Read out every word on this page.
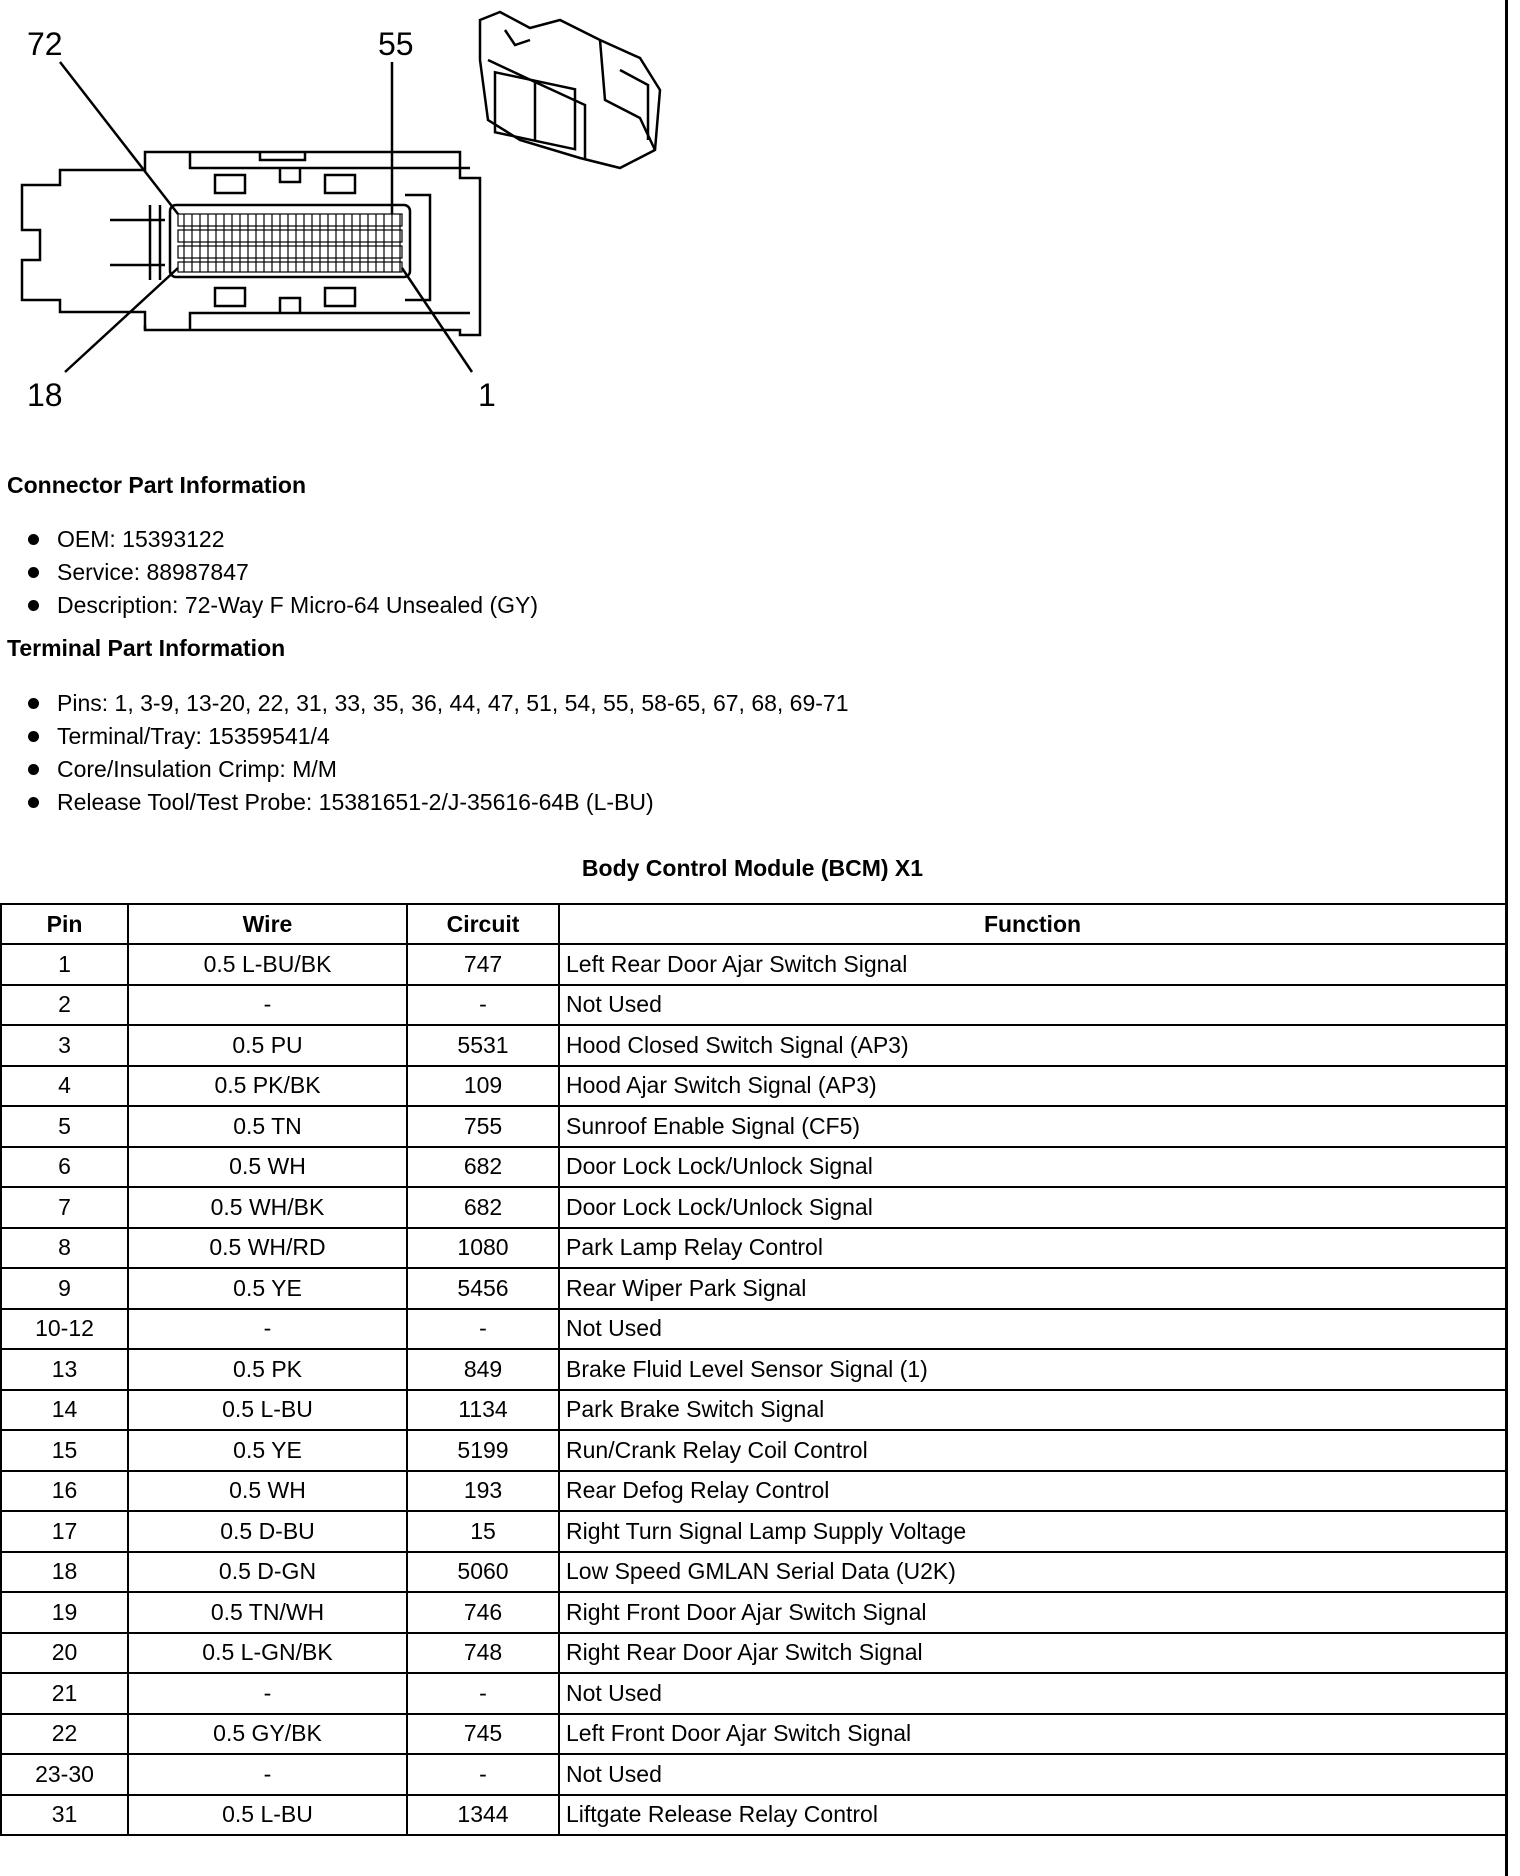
72	55
18	1
Connector Part Information
OEM: 15393122
Service: 88987847
Description: 72-Way F Micro-64 Unsealed (GY)
Terminal Part Information
Pins: 1, 3-9, 13-20, 22, 31, 33, 35, 36, 44, 47, 51, 54, 55, 58-65, 67, 68, 69-71
Terminal/Tray: 15359541/4
Core/Insulation Crimp: M/M
Release Tool/Test Probe: 15381651-2/J-35616-64B (L-BU)
Body Control Module (BCM) X1
Pin	Wire	Circuit	Function
1	0.5 L-BU/BK	747	Left Rear Door Ajar Switch Signal
2	-	-	Not Used
3	0.5 PU	5531	Hood Closed Switch Signal (AP3)
4	0.5 PK/BK	109	Hood Ajar Switch Signal (AP3)
5	0.5 TN	755	Sunroof Enable Signal (CF5)
6	0.5 WH	682	Door Lock Lock/Unlock Signal
7	0.5 WH/BK	682	Door Lock Lock/Unlock Signal
8	0.5 WH/RD	1080	Park Lamp Relay Control
9	0.5 YE	5456	Rear Wiper Park Signal
10-12	-	-	Not Used
13	0.5 PK	849	Brake Fluid Level Sensor Signal (1)
14	0.5 L-BU	1134	Park Brake Switch Signal
15	0.5 YE	5199	Run/Crank Relay Coil Control
16	0.5 WH	193	Rear Defog Relay Control
17	0.5 D-BU	15	Right Turn Signal Lamp Supply Voltage
18	0.5 D-GN	5060	Low Speed GMLAN Serial Data (U2K)
19	0.5 TN/WH	746	Right Front Door Ajar Switch Signal
20	0.5 L-GN/BK	748	Right Rear Door Ajar Switch Signal
21	-	-	Not Used
22	0.5 GY/BK	745	Left Front Door Ajar Switch Signal
23-30	-	-	Not Used
31	0.5 L-BU	1344	Liftgate Release Relay Control
